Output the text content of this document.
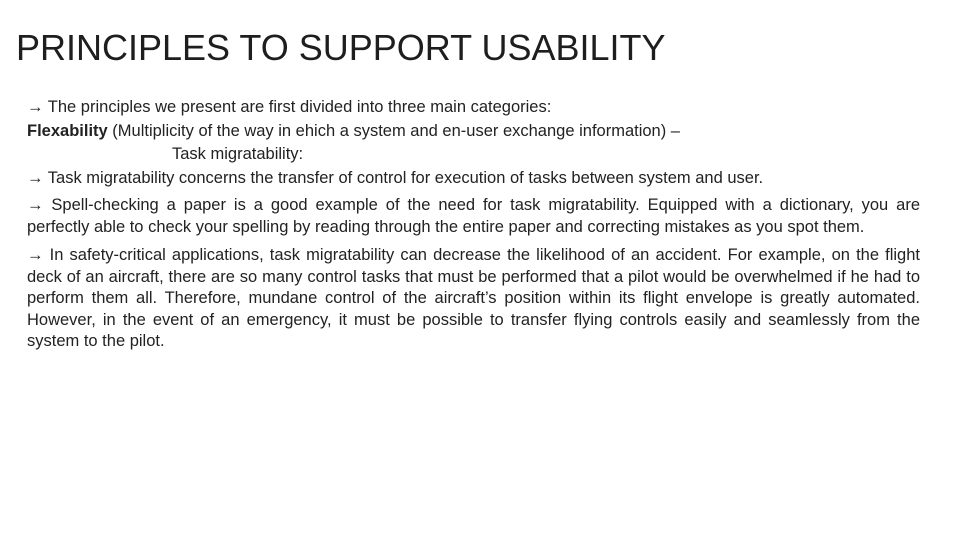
PRINCIPLES TO SUPPORT USABILITY

→ The principles we present are first divided into three main categories:

Flexability (Multiplicity of the way in ehich a system and en-user exchange information) –

Task migratability:

→ Task migratability concerns the transfer of control for execution of tasks between system and user.

→ Spell-checking a paper is a good example of the need for task migratability. Equipped with a dictionary, you are perfectly able to check your spelling by reading through the entire paper and correcting mistakes as you spot them.

→ In safety-critical applications, task migratability can decrease the likelihood of an accident. For example, on the flight deck of an aircraft, there are so many control tasks that must be performed that a pilot would be overwhelmed if he had to perform them all. Therefore, mundane control of the aircraft’s position within its flight envelope is greatly automated. However, in the event of an emergency, it must be possible to transfer flying controls easily and seamlessly from the system to the pilot.
